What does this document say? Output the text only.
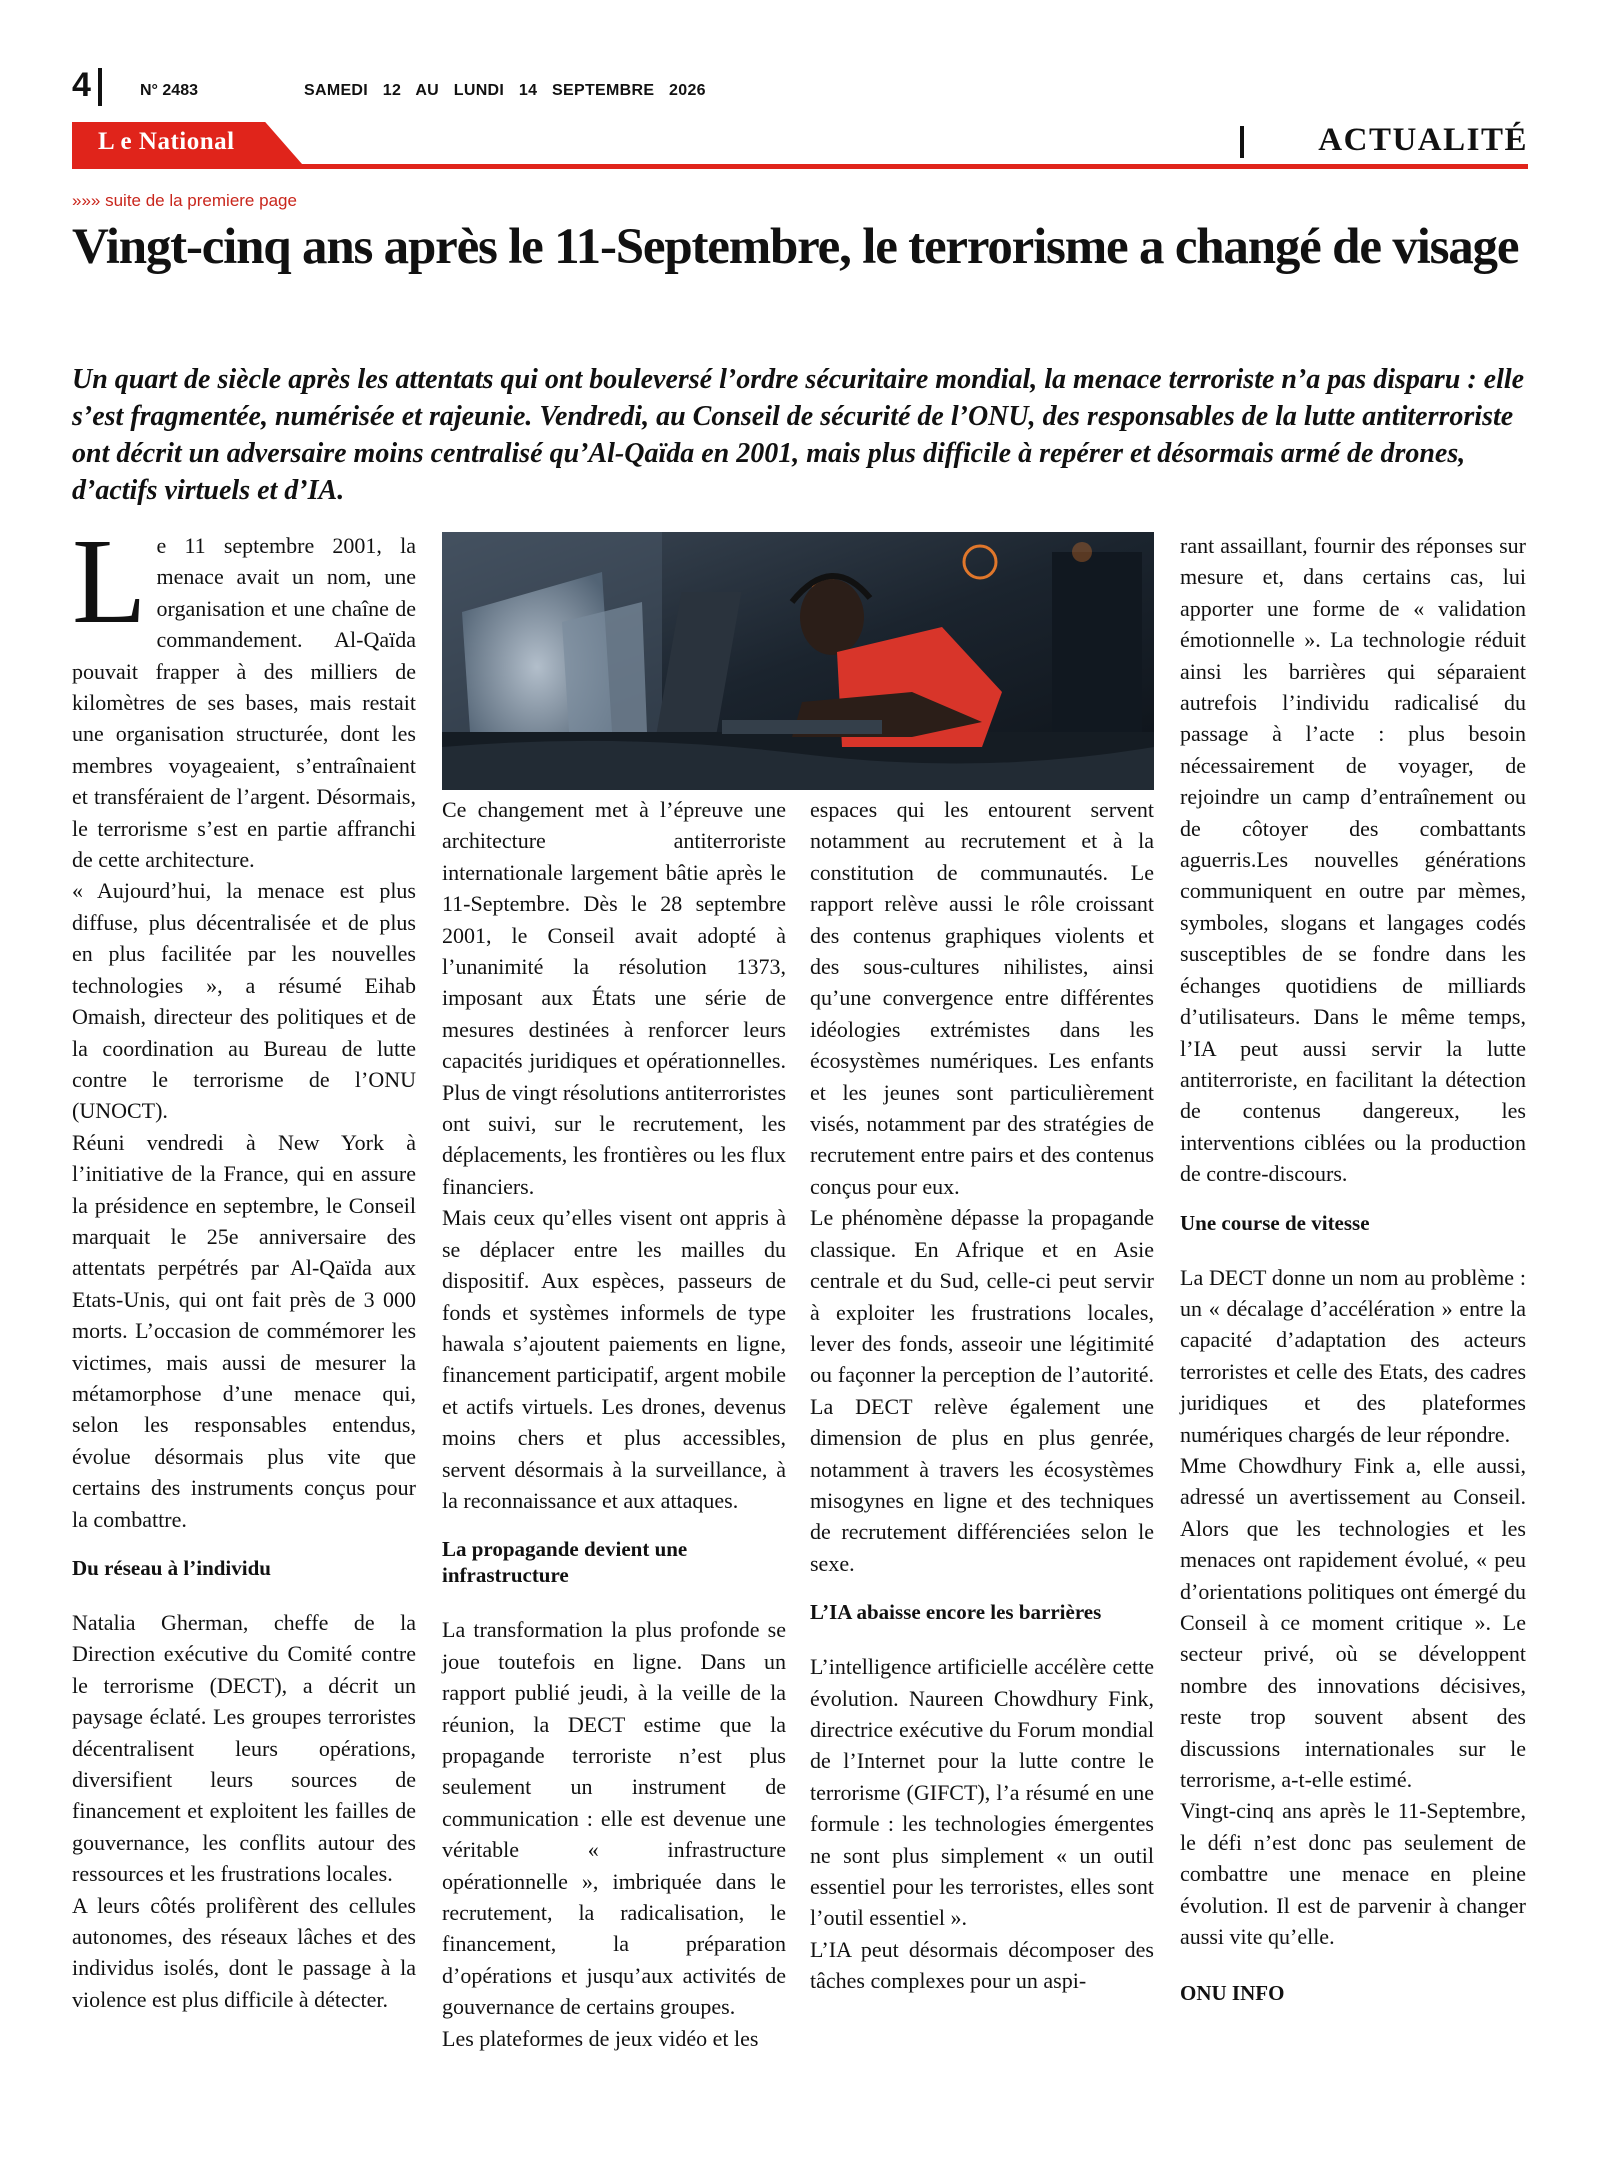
4	N° 2483	SAMEDI 12 AU LUNDI 14 SEPTEMBRE 2026
L e National	ACTUALITÉ
»»» suite de la premiere page
Vingt-cinq ans après le 11-Septembre, le terrorisme a changé de visage

Un quart de siècle après les attentats qui ont bouleversé l’ordre sécuritaire mondial, la menace terroriste n’a pas disparu : elle s’est fragmentée, numérisée et rajeunie. Vendredi, au Conseil de sécurité de l’ONU, des responsables de la lutte antiterroriste ont décrit un adversaire moins centralisé qu’Al-Qaïda en 2001, mais plus difficile à repérer et désormais armé de drones, d’actifs virtuels et d’IA.

Le 11 septembre 2001, la menace avait un nom, une organisation et une chaîne de commandement. Al-Qaïda pouvait frapper à des milliers de kilomètres de ses bases, mais restait une organisation structurée, dont les membres voyageaient, s’entraînaient et transféraient de l’argent. Désormais, le terrorisme s’est en partie affranchi de cette architecture.

« Aujourd’hui, la menace est plus diffuse, plus décentralisée et de plus en plus facilitée par les nouvelles technologies », a résumé Eihab Omaish, directeur des politiques et de la coordination au Bureau de lutte contre le terrorisme de l’ONU (UNOCT).

Réuni vendredi à New York à l’initiative de la France, qui en assure la présidence en septembre, le Conseil marquait le 25e anniversaire des attentats perpétrés par Al-Qaïda aux Etats-Unis, qui ont fait près de 3 000 morts. L’occasion de commémorer les victimes, mais aussi de mesurer la métamorphose d’une menace qui, selon les responsables entendus, évolue désormais plus vite que certains des instruments conçus pour la combattre.

Du réseau à l’individu

Natalia Gherman, cheffe de la Direction exécutive du Comité contre le terrorisme (DECT), a décrit un paysage éclaté. Les groupes terroristes décentralisent leurs opérations, diversifient leurs sources de financement et exploitent les failles de gouvernance, les conflits autour des ressources et les frustrations locales.

A leurs côtés prolifèrent des cellules autonomes, des réseaux lâches et des individus isolés, dont le passage à la violence est plus difficile à détecter.

Ce changement met à l’épreuve une architecture antiterroriste internationale largement bâtie après le 11-Septembre. Dès le 28 septembre 2001, le Conseil avait adopté à l’unanimité la résolution 1373, imposant aux États une série de mesures destinées à renforcer leurs capacités juridiques et opérationnelles. Plus de vingt résolutions antiterroristes ont suivi, sur le recrutement, les déplacements, les frontières ou les flux financiers.

Mais ceux qu’elles visent ont appris à se déplacer entre les mailles du dispositif. Aux espèces, passeurs de fonds et systèmes informels de type hawala s’ajoutent paiements en ligne, financement participatif, argent mobile et actifs virtuels. Les drones, devenus moins chers et plus accessibles, servent désormais à la surveillance, à la reconnaissance et aux attaques.

La propagande devient une infrastructure

La transformation la plus profonde se joue toutefois en ligne. Dans un rapport publié jeudi, à la veille de la réunion, la DECT estime que la propagande terroriste n’est plus seulement un instrument de communication : elle est devenue une véritable « infrastructure opérationnelle », imbriquée dans le recrutement, la radicalisation, le financement, la préparation d’opérations et jusqu’aux activités de gouvernance de certains groupes.

Les plateformes de jeux vidéo et les

espaces qui les entourent servent notamment au recrutement et à la constitution de communautés. Le rapport relève aussi le rôle croissant des contenus graphiques violents et des sous-cultures nihilistes, ainsi qu’une convergence entre différentes idéologies extrémistes dans les écosystèmes numériques. Les enfants et les jeunes sont particulièrement visés, notamment par des stratégies de recrutement entre pairs et des contenus conçus pour eux.

Le phénomène dépasse la propagande classique. En Afrique et en Asie centrale et du Sud, celle-ci peut servir à exploiter les frustrations locales, lever des fonds, asseoir une légitimité ou façonner la perception de l’autorité. La DECT relève également une dimension de plus en plus genrée, notamment à travers les écosystèmes misogynes en ligne et des techniques de recrutement différenciées selon le sexe.

L’IA abaisse encore les barrières

L’intelligence artificielle accélère cette évolution. Naureen Chowdhury Fink, directrice exécutive du Forum mondial de l’Internet pour la lutte contre le terrorisme (GIFCT), l’a résumé en une formule : les technologies émergentes ne sont plus simplement « un outil essentiel pour les terroristes, elles sont l’outil essentiel ».

L’IA peut désormais décomposer des tâches complexes pour un aspi-

rant assaillant, fournir des réponses sur mesure et, dans certains cas, lui apporter une forme de « validation émotionnelle ». La technologie réduit ainsi les barrières qui séparaient autrefois l’individu radicalisé du passage à l’acte : plus besoin nécessairement de voyager, de rejoindre un camp d’entraînement ou de côtoyer des combattants aguerris.Les nouvelles générations communiquent en outre par mèmes, symboles, slogans et langages codés susceptibles de se fondre dans les échanges quotidiens de milliards d’utilisateurs. Dans le même temps, l’IA peut aussi servir la lutte antiterroriste, en facilitant la détection de contenus dangereux, les interventions ciblées ou la production de contre-discours.

Une course de vitesse

La DECT donne un nom au problème : un « décalage d’accélération » entre la capacité d’adaptation des acteurs terroristes et celle des Etats, des cadres juridiques et des plateformes numériques chargés de leur répondre.

Mme Chowdhury Fink a, elle aussi, adressé un avertissement au Conseil. Alors que les technologies et les menaces ont rapidement évolué, « peu d’orientations politiques ont émergé du Conseil à ce moment critique ». Le secteur privé, où se développent nombre des innovations décisives, reste trop souvent absent des discussions internationales sur le terrorisme, a-t-elle estimé.

Vingt-cinq ans après le 11-Septembre, le défi n’est donc pas seulement de combattre une menace en pleine évolution. Il est de parvenir à changer aussi vite qu’elle.

ONU INFO
